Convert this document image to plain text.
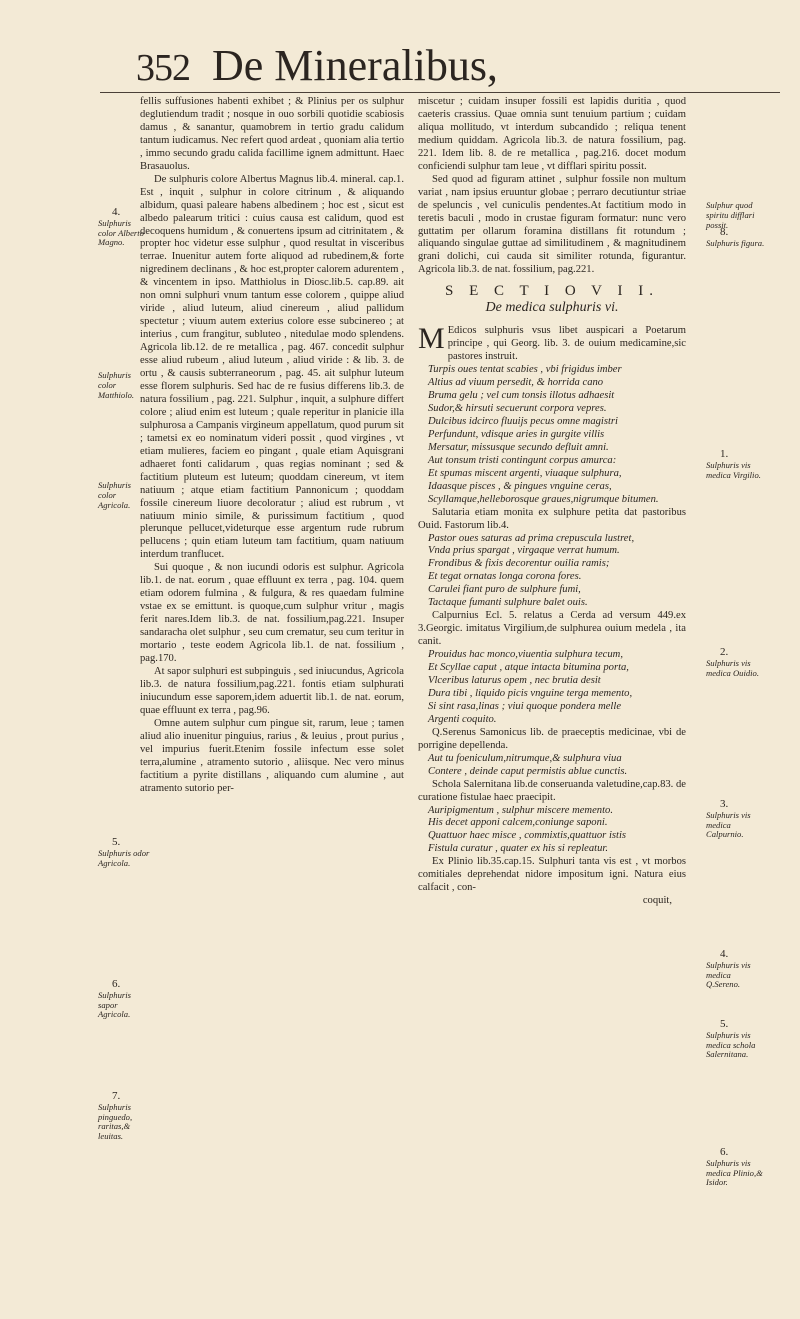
352 De Mineralibus,

fellis suffusiones habenti exhibet ; & Plinius per os sulphur deglutiendum tradit ; nosque in ouo sorbili quotidie scabiosis damus , & sanantur, quamobrem in tertio gradu calidum tantum iudicamus. Nec refert quod ardeat , quoniam alia tertio , immo secundo gradu calida facillime ignem admittunt. Haec Brasauolus.

De sulphuris colore Albertus Magnus lib.4. mineral. cap.1. Est , inquit , sulphur in colore citrinum , & aliquando albidum, quasi paleare habens albedinem ; hoc est , sicut est albedo palearum tritici : cuius causa est calidum, quod est decoquens humidum , & conuertens ipsum ad citrinitatem , & propter hoc videtur esse sulphur , quod resultat in visceribus terrae. Inuenitur autem forte aliquod ad rubedinem,& forte nigredinem declinans , & hoc est,propter calorem adurentem , & vincentem in ipso. Matthiolus in Diosc.lib.5. cap.89. ait non omni sulphuri vnum tantum esse colorem , quippe aliud viride , aliud luteum, aliud cinereum , aliud pallidum spectetur ; viuum autem exterius colore esse subcinereo ; at interius , cum frangitur, subluteo , nitedulae modo splendens. Agricola lib.12. de re metallica , pag. 467. concedit sulphur esse aliud rubeum , aliud luteum , aliud viride : & lib. 3. de ortu , & causis subterraneorum , pag. 45. ait sulphur luteum esse florem sulphuris. Sed hac de re fusius differens lib.3. de natura fossilium , pag. 221. Sulphur , inquit, a sulphure differt colore ; aliud enim est luteum ; quale reperitur in planicie illa sulphurosa a Campanis virgineum appellatum, quod purum sit ; tametsi ex eo nominatum videri possit , quod virgines , vt etiam mulieres, faciem eo pingant , quale etiam Aquisgrani adhaeret fonti calidarum , quas regias nominant ; sed & factitium pluteum est luteum; quoddam cinereum, vt item natiuum ; atque etiam factitium Pannonicum ; quoddam fossile cinereum liuore decoloratur ; aliud est rubrum , vt natiuum minio simile, & purissimum factitium , quod plerunque pellucet,videturque esse argentum rude rubrum pellucens ; quin etiam luteum tam factitium, quam natiuum interdum tranflucet.

Sui quoque , & non iucundi odoris est sulphur. Agricola lib.1. de nat. eorum , quae effluunt ex terra , pag. 104. quem etiam odorem fulmina , & fulgura, & res quaedam fulmine vstae ex se emittunt. is quoque,cum sulphur vritur , magis ferit nares.Idem lib.3. de nat. fossilium,pag.221. Insuper sandaracha olet sulphur , seu cum crematur, seu cum teritur in mortario , teste eodem Agricola lib.1. de nat. fossilium , pag.170.

At sapor sulphuri est subpinguis , sed iniucundus, Agricola lib.3. de natura fossilium,pag.221. fontis etiam sulphurati iniucundum esse saporem,idem aduertit lib.1. de nat. eorum, quae effluunt ex terra , pag.96.

Omne autem sulphur cum pingue sit, rarum, leue ; tamen aliud alio inuenitur pinguius, rarius , & leuius , prout purius , vel impurius fuerit.Etenim fossile infectum esse solet terra,alumine , atramento sutorio , aliisque. Nec vero minus factitium a pyrite distillans , aliquando cum alumine , aut atramento sutorio per-

miscetur ; cuidam insuper fossili est lapidis duritia , quod caeteris crassius. Quae omnia sunt tenuium partium ; cuidam aliqua mollitudo, vt interdum subcandido ; reliqua tenent medium quiddam. Agricola lib.3. de natura fossilium, pag. 221. Idem lib. 8. de re metallica , pag.216. docet modum conficiendi sulphur tam leue , vt difflari spiritu possit.

Sed quod ad figuram attinet , sulphur fossile non multum variat , nam ipsius eruuntur globae ; perraro decutiuntur striae de speluncis , vel cuniculis pendentes.At factitium modo in teretis baculi , modo in crustae figuram formatur: nunc vero guttatim per ollarum foramina distillans fit rotundum ; aliquando singulae guttae ad similitudinem , & magnitudinem grani dolichi, cui cauda sit similiter rotunda, figurantur. Agricola lib.3. de nat. fossilium, pag.221.

S E C T I O V I I.
De medica sulphuris vi.

M Edicos sulphuris vsus libet auspicari a Poetarum principe , qui Georg. lib. 3. de ouium medicamine,sic pastores instruit.

Turpis oues tentat scabies , vbi frigidus imber
Altius ad viuum persedit, & horrida cano
Bruma gelu ; vel cum tonsis illotus adhaesit
Sudor,& hirsuti secuerunt corpora vepres.
Dulcibus idcirco fluuijs pecus omne magistri
Perfundunt, vdisque aries in gurgite villis
Mersatur, missusque secundo defluit amni.
Aut tonsum tristi contingunt corpus amurca:
Et spumas miscent argenti, viuaque sulphura,
Idaasque pisces , & pingues vnguine ceras,
Scyllamque,helleborosque graues,nigrumque bitumen.

Salutaria etiam monita ex sulphure petita dat pastoribus Ouid. Fastorum lib.4.

Pastor oues saturas ad prima crepuscula lustret,
Vnda prius spargat , virgaque verrat humum.
Frondibus & fixis decorentur ouilia ramis;
Et tegat ornatas longa corona fores.
Carulei fiant puro de sulphure fumi,
Tactaque fumanti sulphure balet ouis.

Calpurnius Ecl. 5. relatus a Cerda ad versum 449.ex 3.Georgic. imitatus Virgilium,de sulphurea ouium medela , ita canit.

Prouidus hac monco,viuentia sulphura tecum,
Et Scyllae caput , atque intacta bitumina porta,
Vlceribus laturus opem , nec brutia desit
Dura tibi , liquido picis vnguine terga memento,
Si sint rasa,linas ; viui quoque pondera melle
Argenti coquito.

Q.Serenus Samonicus lib. de praeceptis medicinae, vbi de porrigine depellenda.

Aut tu foeniculum,nitrumque,& sulphura viua
Contere , deinde caput permistis ablue cunctis.

Schola Salernitana lib.de conseruanda valetudine,cap.83. de curatione fistulae haec praecipit.

Auripigmentum , sulphur miscere memento.
His decet apponi calcem,coniunge saponi.
Quattuor haec misce , commixtis,quattuor istis
Fistula curatur , quater ex his si repleatur.

Ex Plinio lib.35.cap.15. Sulphuri tanta vis est , vt morbos comitiales deprehendat nidore impositum igni. Natura eius calfacit , con-

coquit,
4.
Sulphuris color Alberto Magno.
Sulphuris color Matthiolo.
Sulphuris color Agricola.
5.
Sulphuris odor Agricola.
6.
Sulphuris sapor Agricola.
7.
Sulphuris pinguedo, raritas,& leuitas.
Sulphur quod spiritu difflari possit.
8.
Sulphuris figura.
1.
Sulphuris vis medica Virgilio.
2.
Sulphuris vis medica Ouidio.
3.
Sulphuris vis medica Calpurnio.
4.
Sulphuris vis medica Q.Sereno.
5.
Sulphuris vis medica schola Salernitana.
6.
Sulphuris vis medica Plinio,& Isidor.
